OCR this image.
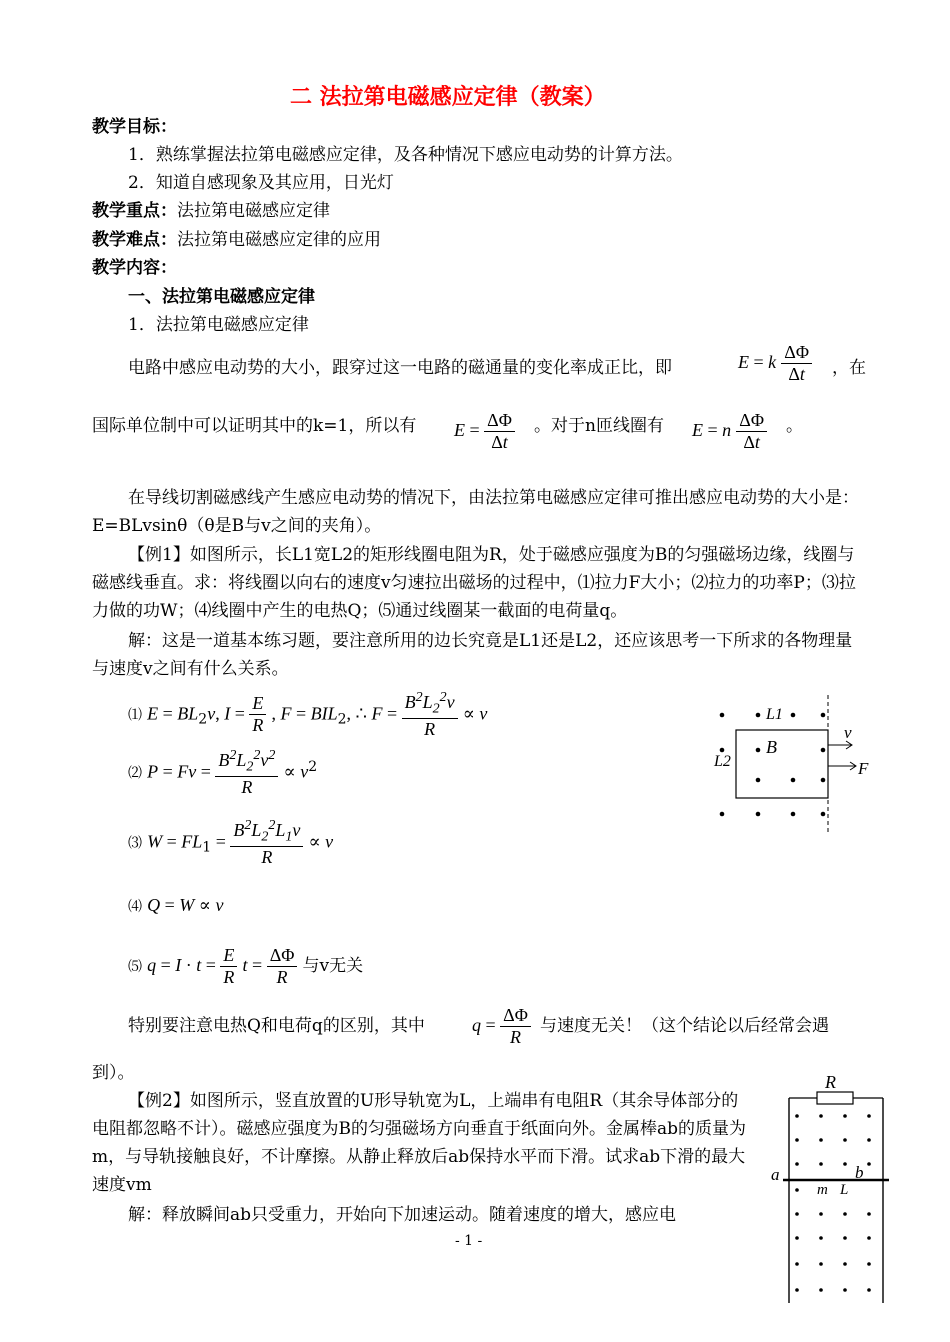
二 法拉第电磁感应定律（教案）
教学目标：
1．熟练掌握法拉第电磁感应定律，及各种情况下感应电动势的计算方法。
2．知道自感现象及其应用，日光灯
教学重点：法拉第电磁感应定律
教学难点：法拉第电磁感应定律的应用
教学内容：
一、法拉第电磁感应定律
1．法拉第电磁感应定律
电路中感应电动势的大小，跟穿过这一电路的磁通量的变化率成正比，即	E = k $\frac{\Delta\Phi}{\Delta t}$ ，在
国际单位制中可以证明其中的k=1，所以有 $E = \frac{\Delta\Phi}{\Delta t}$ 。对于n匝线圈有 E = n $\frac{\Delta\Phi}{\Delta t}$ 。
在导线切割磁感线产生感应电动势的情况下，由法拉第电磁感应定律可推出感应电动势的大小是：E=BLvsinθ（θ是B与v之间的夹角）。
【例1】如图所示，长L1宽L2的矩形线圈电阻为R，处于磁感应强度为B的匀强磁场边缘，线圈与磁感线垂直。求：将线圈以向右的速度v匀速拉出磁场的过程中，⑴拉力F大小；⑵拉力的功率P；⑶拉力做的功W；⑷线圈中产生的电热Q；⑸通过线圈某一截面的电荷量q。
解：这是一道基本练习题，要注意所用的边长究竟是L1还是L2，还应该思考一下所求的各物理量与速度v之间有什么关系。
⑴ $E = BL_2v$, $I = \frac{E}{R}$ , $F = BIL_2$, ∴ $F = \frac{B^2L_2^2v}{R} \propto v$
⑵ $P = Fv = \frac{B^2L_2^2v^2}{R} \propto v^2$
⑶ $W = FL_1 = \frac{B^2L_2^2L_1v}{R} \propto v$
⑷ Q = W ∝ v
⑸ $q = I \cdot t = \frac{E}{R}$ $t = \frac{\Delta\Phi}{R}$ 与v无关
特别要注意电热Q和电荷q的区别，其中	$q = \frac{\Delta\Phi}{R}$ 与速度无关！（这个结论以后经常会遇
到）。
【例2】如图所示，竖直放置的U形导轨宽为L，上端串有电阻R（其余导体部分的电阻都忽略不计）。磁感应强度为B的匀强磁场方向垂直于纸面向外。金属棒ab的质量为m，与导轨接触良好，不计摩擦。从静止释放后ab保持水平而下滑。试求ab下滑的最大速度vm
解：释放瞬间ab只受重力，开始向下加速运动。随着速度的增大，感应电
L1
L2
B
v
F
R
a	b
m L
- 1 -
